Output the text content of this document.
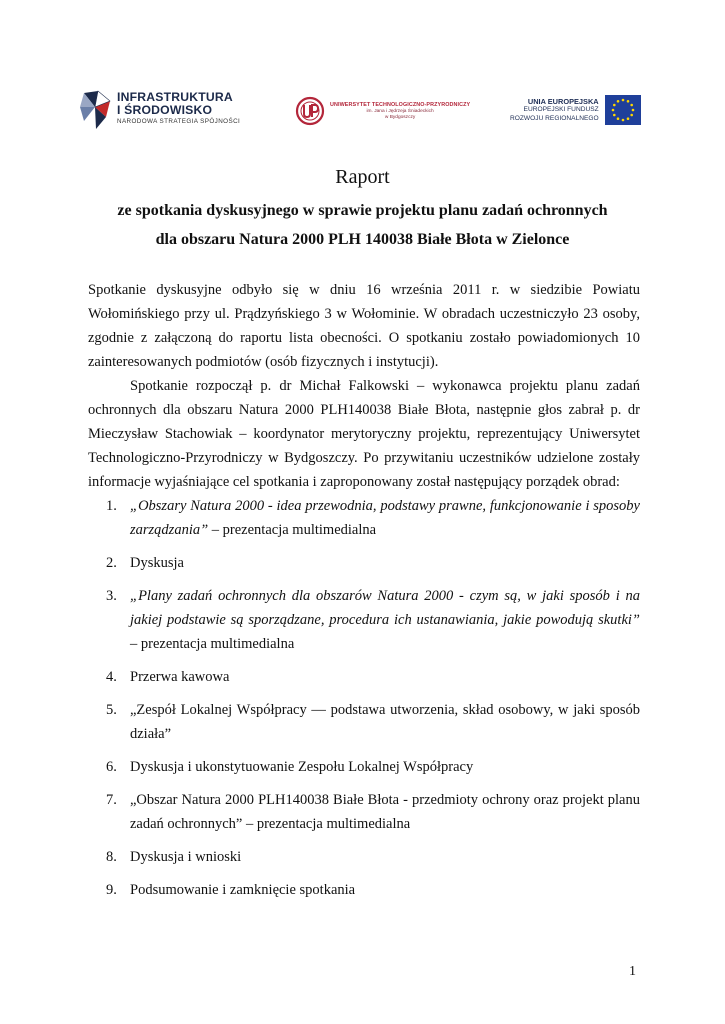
INFRASTRUKTURA
I ŚRODOWISKO
NARODOWA STRATEGIA SPÓJNOŚCI
UNIWERSYTET TECHNOLOGICZNO-PRZYRODNICZY
im. Jana i Jędrzeja Śniadeckich
w Bydgoszczy
UNIA EUROPEJSKA
EUROPEJSKI FUNDUSZ
ROZWOJU REGIONALNEGO
Raport
ze spotkania dyskusyjnego w sprawie projektu planu zadań ochronnych
dla obszaru Natura 2000 PLH 140038 Białe Błota w Zielonce

Spotkanie dyskusyjne odbyło się w dniu 16 września 2011 r. w siedzibie Powiatu Wołomińskiego przy ul. Prądzyńskiego 3 w Wołominie. W obradach uczestniczyło 23 osoby, zgodnie z załączoną do raportu lista obecności. O spotkaniu zostało powiadomionych 10 zainteresowanych podmiotów (osób fizycznych i instytucji).

Spotkanie rozpoczął p. dr Michał Falkowski – wykonawca projektu planu zadań ochronnych dla obszaru Natura 2000 PLH140038 Białe Błota, następnie głos zabrał p. dr Mieczysław Stachowiak – koordynator merytoryczny projektu, reprezentujący Uniwersytet Technologiczno-Przyrodniczy w Bydgoszczy. Po przywitaniu uczestników udzielone zostały informacje wyjaśniające cel spotkania i zaproponowany został następujący porządek obrad:

1. „Obszary Natura 2000 - idea przewodnia, podstawy prawne, funkcjonowanie i sposoby zarządzania” – prezentacja multimedialna
2. Dyskusja
3. „Plany zadań ochronnych dla obszarów Natura 2000 - czym są, w jaki sposób i na jakiej podstawie są sporządzane, procedura ich ustanawiania, jakie powodują skutki” – prezentacja multimedialna
4. Przerwa kawowa
5. „Zespół Lokalnej Współpracy — podstawa utworzenia, skład osobowy, w jaki sposób działa”
6. Dyskusja i ukonstytuowanie Zespołu Lokalnej Współpracy
7. „Obszar Natura 2000 PLH140038 Białe Błota - przedmioty ochrony oraz projekt planu zadań ochronnych” – prezentacja multimedialna
8. Dyskusja i wnioski
9. Podsumowanie i zamknięcie spotkania
1
